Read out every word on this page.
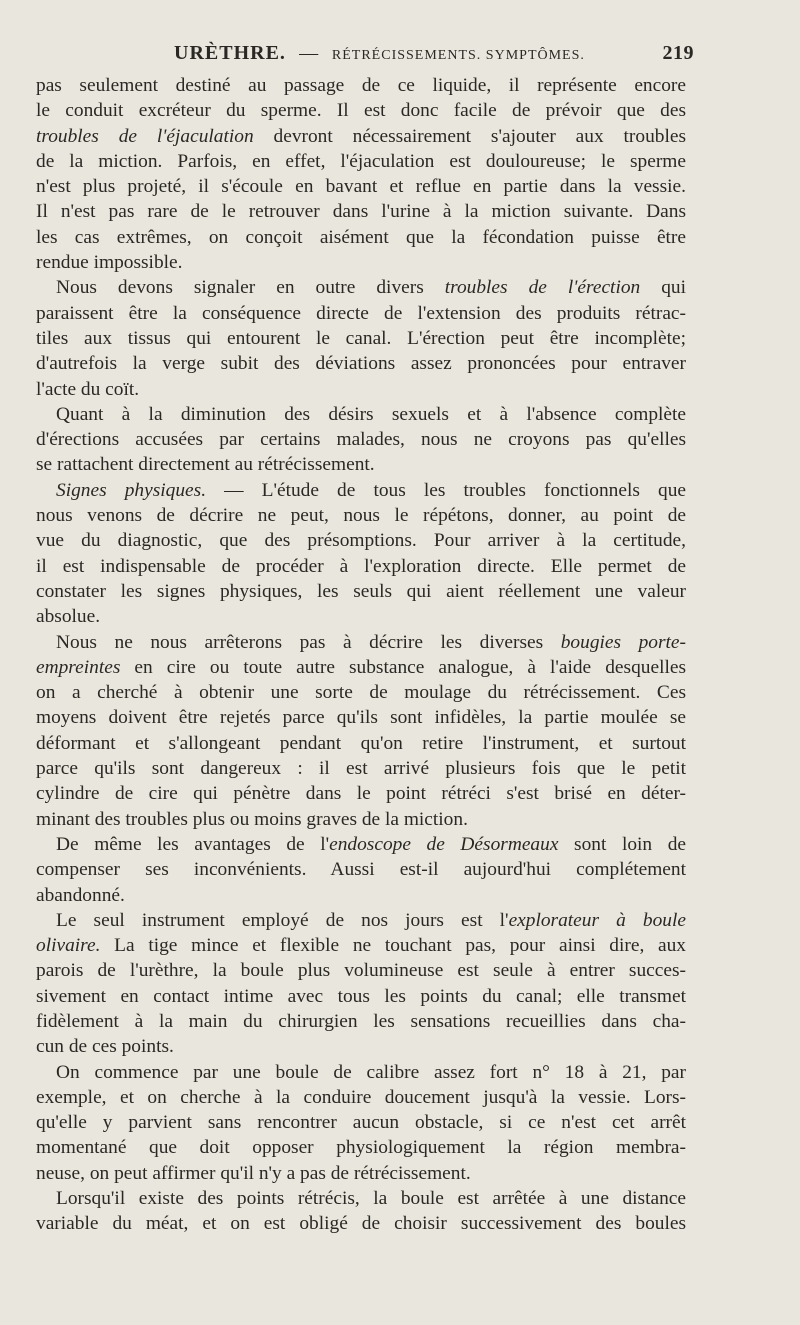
URÈTHRE. — RÉTRÉCISSEMENTS. SYMPTÔMES.	219

pas seulement destiné au passage de ce liquide, il représente encore

le conduit excréteur du sperme. Il est donc facile de prévoir que des

troubles de l'éjaculation devront nécessairement s'ajouter aux troubles

de la miction. Parfois, en effet, l'éjaculation est douloureuse; le sperme

n'est plus projeté, il s'écoule en bavant et reflue en partie dans la vessie.

Il n'est pas rare de le retrouver dans l'urine à la miction suivante. Dans

les cas extrêmes, on conçoit aisément que la fécondation puisse être

rendue impossible.

Nous devons signaler en outre divers troubles de l'érection qui

paraissent être la conséquence directe de l'extension des produits rétrac-

tiles aux tissus qui entourent le canal. L'érection peut être incomplète;

d'autrefois la verge subit des déviations assez prononcées pour entraver

l'acte du coït.

Quant à la diminution des désirs sexuels et à l'absence complète

d'érections accusées par certains malades, nous ne croyons pas qu'elles

se rattachent directement au rétrécissement.

Signes physiques. — L'étude de tous les troubles fonctionnels que

nous venons de décrire ne peut, nous le répétons, donner, au point de

vue du diagnostic, que des présomptions. Pour arriver à la certitude,

il est indispensable de procéder à l'exploration directe. Elle permet de

constater les signes physiques, les seuls qui aient réellement une valeur

absolue.

Nous ne nous arrêterons pas à décrire les diverses bougies porte-

empreintes en cire ou toute autre substance analogue, à l'aide desquelles

on a cherché à obtenir une sorte de moulage du rétrécissement. Ces

moyens doivent être rejetés parce qu'ils sont infidèles, la partie moulée se

déformant et s'allongeant pendant qu'on retire l'instrument, et surtout

parce qu'ils sont dangereux : il est arrivé plusieurs fois que le petit

cylindre de cire qui pénètre dans le point rétréci s'est brisé en déter-

minant des troubles plus ou moins graves de la miction.

De même les avantages de l'endoscope de Désormeaux sont loin de

compenser ses inconvénients. Aussi est-il aujourd'hui complétement

abandonné.

Le seul instrument employé de nos jours est l'explorateur à boule

olivaire. La tige mince et flexible ne touchant pas, pour ainsi dire, aux

parois de l'urèthre, la boule plus volumineuse est seule à entrer succes-

sivement en contact intime avec tous les points du canal; elle transmet

fidèlement à la main du chirurgien les sensations recueillies dans cha-

cun de ces points.

On commence par une boule de calibre assez fort n° 18 à 21, par

exemple, et on cherche à la conduire doucement jusqu'à la vessie. Lors-

qu'elle y parvient sans rencontrer aucun obstacle, si ce n'est cet arrêt

momentané que doit opposer physiologiquement la région membra-

neuse, on peut affirmer qu'il n'y a pas de rétrécissement.

Lorsqu'il existe des points rétrécis, la boule est arrêtée à une distance

variable du méat, et on est obligé de choisir successivement des boules
